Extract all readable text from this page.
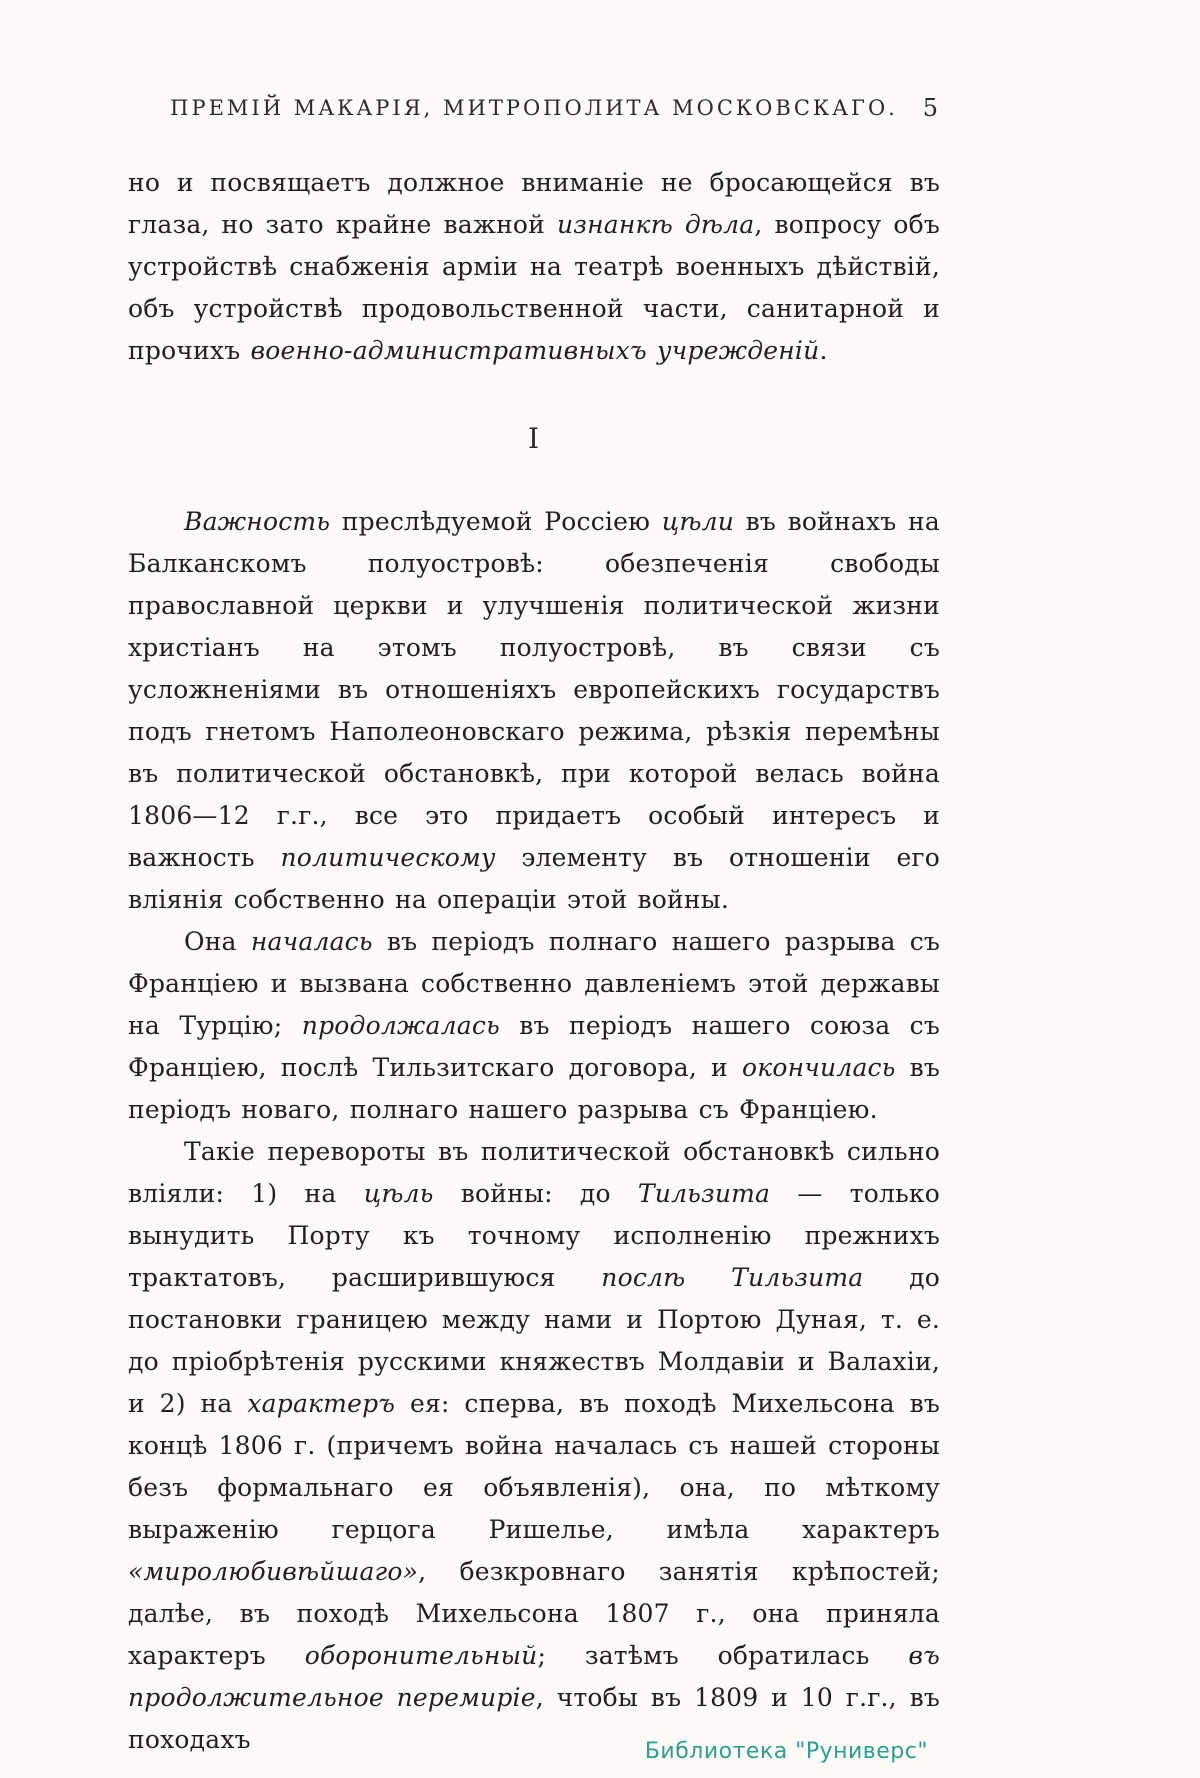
ПРЕМІЙ МАКАРІЯ, МИТРОПОЛИТА МОСКОВСКАГО.	5

но и посвящаетъ должное вниманіе не бросающейся въ глаза, но зато крайне важной изнанкѣ дѣла, вопросу объ устройствѣ снабженія арміи на театрѣ военныхъ дѣйствій, объ устройствѣ продовольственной части, санитарной и прочихъ военно-административныхъ учрежденій.

I

Важность преслѣдуемой Россіею цѣли въ войнахъ на Балканскомъ полуостровѣ: обезпеченія свободы православной церкви и улучшенія политической жизни христіанъ на этомъ полуостровѣ, въ связи съ усложненіями въ отношеніяхъ европейскихъ государствъ подъ гнетомъ Наполеоновскаго режима, рѣзкія перемѣны въ политической обстановкѣ, при которой велась война 1806—12 г.г., все это придаетъ особый интересъ и важность политическому элементу въ отношеніи его вліянія собственно на операціи этой войны.

Она началась въ періодъ полнаго нашего разрыва съ Франціею и вызвана собственно давленіемъ этой державы на Турцію; продолжалась въ періодъ нашего союза съ Франціею, послѣ Тильзитскаго договора, и окончилась въ періодъ новаго, полнаго нашего разрыва съ Франціею.

Такіе перевороты въ политической обстановкѣ сильно вліяли: 1) на цѣль войны: до Тильзита — только вынудить Порту къ точному исполненію прежнихъ трактатовъ, расширившуюся послѣ Тильзита до постановки границею между нами и Портою Дуная, т. е. до пріобрѣтенія русскими княжествъ Молдавіи и Валахіи, и 2) на характеръ ея: сперва, въ походѣ Михельсона въ концѣ 1806 г. (причемъ война началась съ нашей стороны безъ формальнаго ея объявленія), она, по мѣткому выраженію герцога Ришелье, имѣла характеръ «миролюбивѣйшаго», безкровнаго занятія крѣпостей; далѣе, въ походѣ Михельсона 1807 г., она приняла характеръ оборонительный; затѣмъ обратилась въ продолжительное перемиріе, чтобы въ 1809 и 10 г.г., въ походахъ	Библиотека "Руниверс"
